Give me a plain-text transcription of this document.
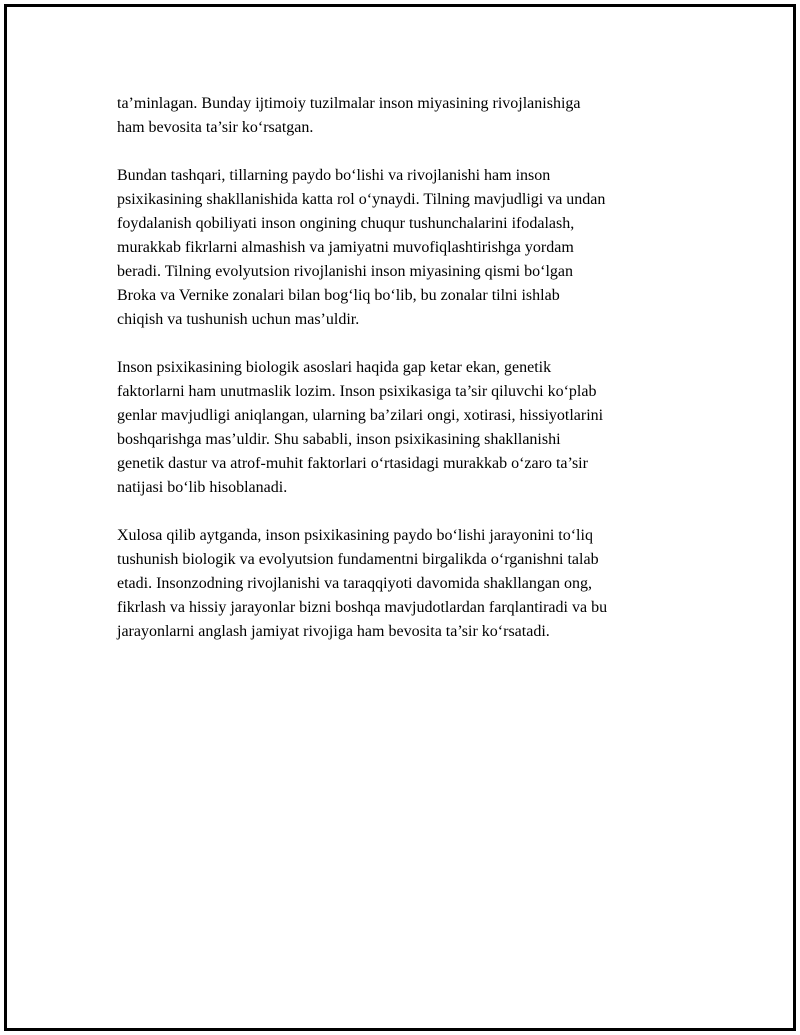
ta’minlagan. Bunday ijtimoiy tuzilmalar inson miyasining rivojlanishiga
ham bevosita ta’sir ko‘rsatgan.

Bundan tashqari, tillarning paydo bo‘lishi va rivojlanishi ham inson
psixikasining shakllanishida katta rol o‘ynaydi. Tilning mavjudligi va undan
foydalanish qobiliyati inson ongining chuqur tushunchalarini ifodalash,
murakkab fikrlarni almashish va jamiyatni muvofiqlashtirishga yordam
beradi. Tilning evolyutsion rivojlanishi inson miyasining qismi bo‘lgan
Broka va Vernike zonalari bilan bog‘liq bo‘lib, bu zonalar tilni ishlab
chiqish va tushunish uchun mas’uldir.

Inson psixikasining biologik asoslari haqida gap ketar ekan, genetik
faktorlarni ham unutmaslik lozim. Inson psixikasiga ta’sir qiluvchi ko‘plab
genlar mavjudligi aniqlangan, ularning ba’zilari ongi, xotirasi, hissiyotlarini
boshqarishga mas’uldir. Shu sababli, inson psixikasining shakllanishi
genetik dastur va atrof-muhit faktorlari o‘rtasidagi murakkab o‘zaro ta’sir
natijasi bo‘lib hisoblanadi.

Xulosa qilib aytganda, inson psixikasining paydo bo‘lishi jarayonini to‘liq
tushunish biologik va evolyutsion fundamentni birgalikda o‘rganishni talab
etadi. Insonzodning rivojlanishi va taraqqiyoti davomida shakllangan ong,
fikrlash va hissiy jarayonlar bizni boshqa mavjudotlardan farqlantiradi va bu
jarayonlarni anglash jamiyat rivojiga ham bevosita ta’sir ko‘rsatadi.
